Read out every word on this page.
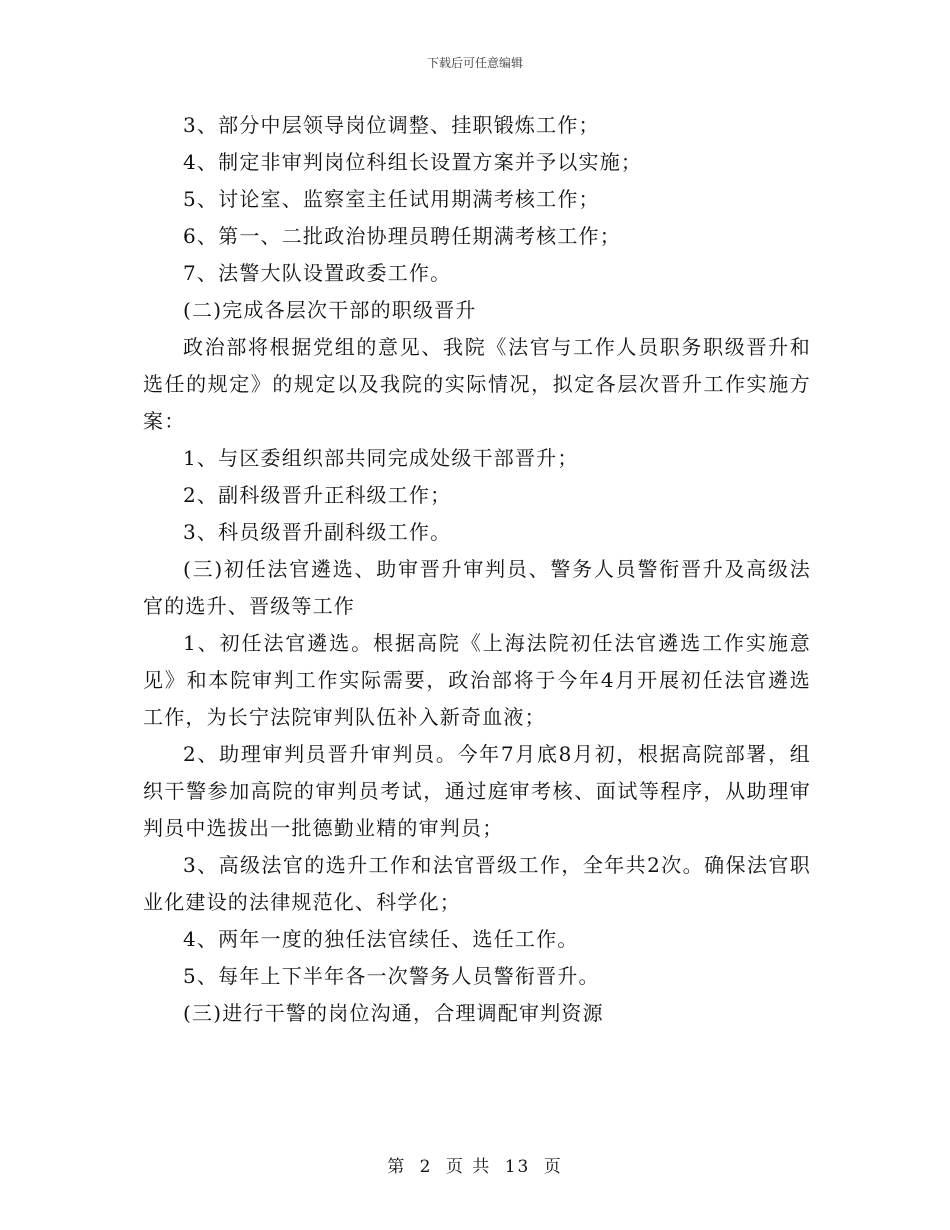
下载后可任意编辑

3、部分中层领导岗位调整、挂职锻炼工作；

4、制定非审判岗位科组长设置方案并予以实施；

5、讨论室、监察室主任试用期满考核工作；

6、第一、二批政治协理员聘任期满考核工作；

7、法警大队设置政委工作。

(二)完成各层次干部的职级晋升

政治部将根据党组的意见、我院《法官与工作人员职务职级晋升和选任的规定》的规定以及我院的实际情况，拟定各层次晋升工作实施方案：

1、与区委组织部共同完成处级干部晋升；

2、副科级晋升正科级工作；

3、科员级晋升副科级工作。

(三)初任法官遴选、助审晋升审判员、警务人员警衔晋升及高级法官的选升、晋级等工作

1、初任法官遴选。根据高院《上海法院初任法官遴选工作实施意见》和本院审判工作实际需要，政治部将于今年4月开展初任法官遴选工作，为长宁法院审判队伍补入新奇血液；

2、助理审判员晋升审判员。今年7月底8月初，根据高院部署，组织干警参加高院的审判员考试，通过庭审考核、面试等程序，从助理审判员中选拔出一批德勤业精的审判员；

3、高级法官的选升工作和法官晋级工作，全年共2次。确保法官职业化建设的法律规范化、科学化；

4、两年一度的独任法官续任、选任工作。

5、每年上下半年各一次警务人员警衔晋升。

(三)进行干警的岗位沟通，合理调配审判资源

第 2 页 共 13 页
